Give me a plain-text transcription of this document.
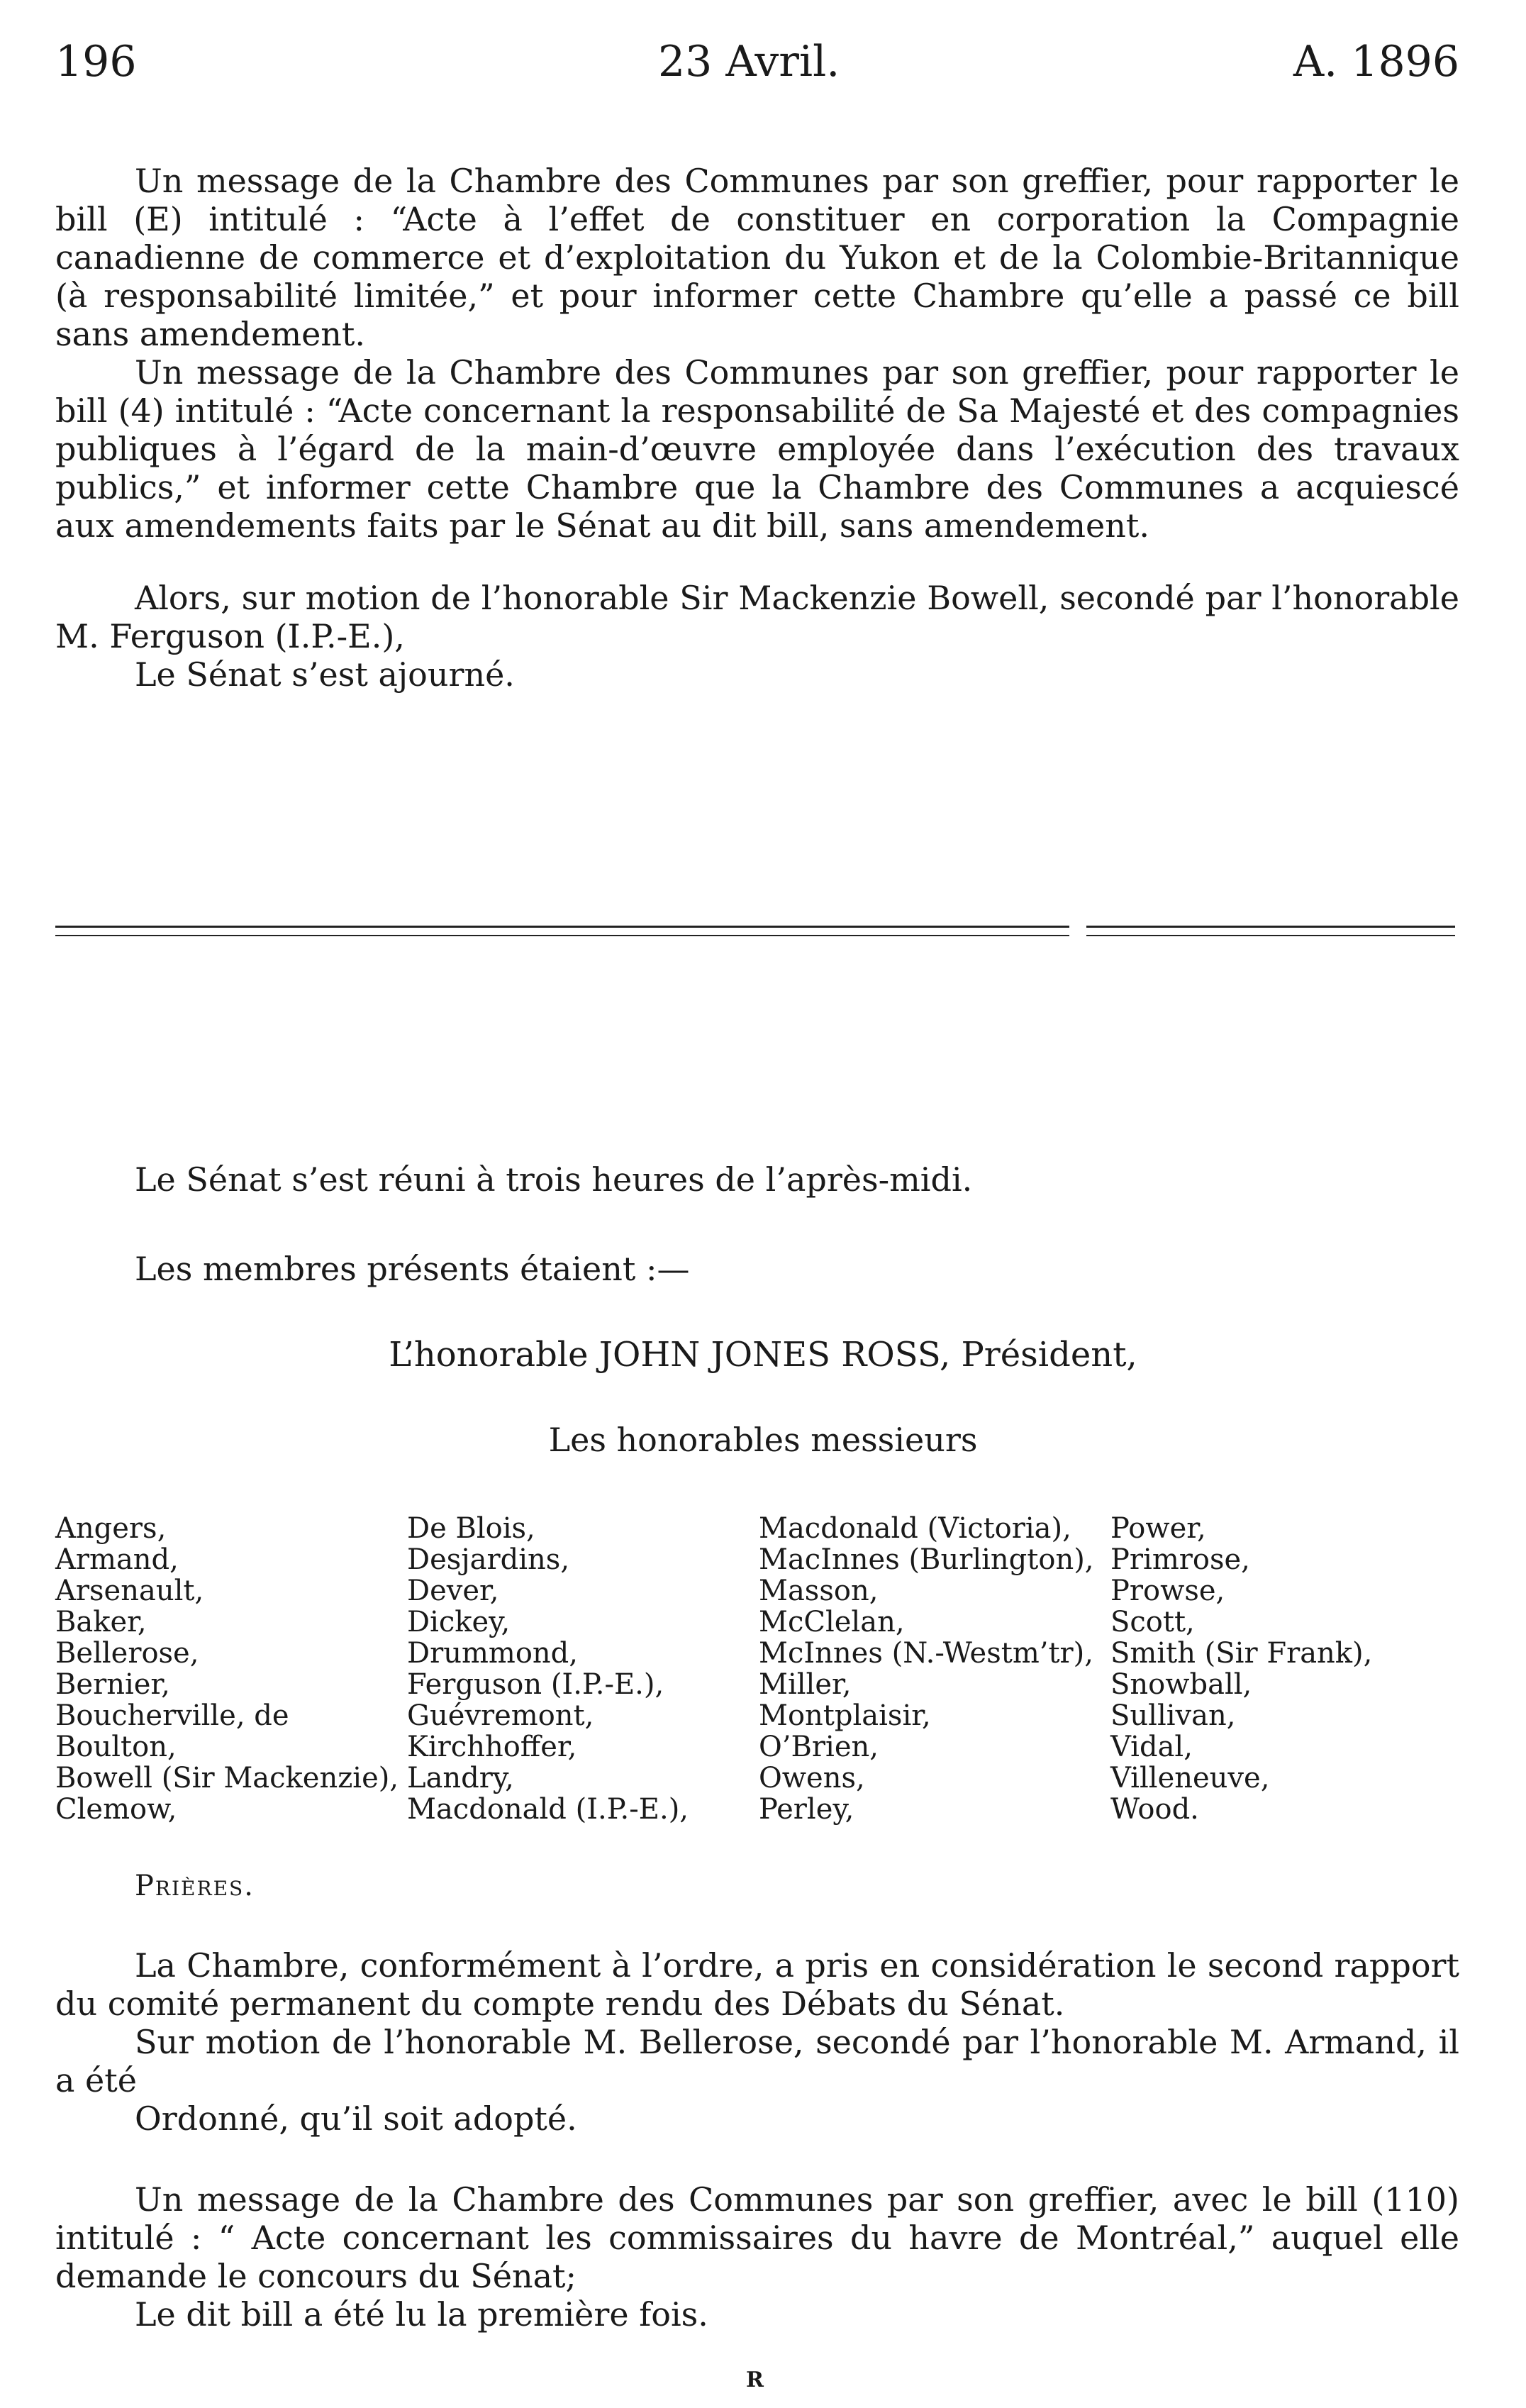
196	23 Avril.	A. 1896
Un message de la Chambre des Communes par son greffier, pour rapporter le bill (E) intitulé : “Acte à l’effet de constituer en corporation la Compagnie canadienne de commerce et d’exploitation du Yukon et de la Colombie-Britannique (à responsabilité limitée,” et pour informer cette Chambre qu’elle a passé ce bill sans amendement.
Un message de la Chambre des Communes par son greffier, pour rapporter le bill (4) intitulé : “Acte concernant la responsabilité de Sa Majesté et des compagnies publiques à l’égard de la main-d’œuvre employée dans l’exécution des travaux publics,” et informer cette Chambre que la Chambre des Communes a acquiescé aux amendements faits par le Sénat au dit bill, sans amendement.
Alors, sur motion de l’honorable Sir Mackenzie Bowell, secondé par l’honorable M. Ferguson (I.P.-E.),
Le Sénat s’est ajourné.
Le Sénat s’est réuni à trois heures de l’après-midi.
Les membres présents étaient :—
L’honorable JOHN JONES ROSS, Président,
Les honorables messieurs
Angers,
Armand,
Arsenault,
Baker,
Bellerose,
Bernier,
Boucherville, de
Boulton,
Bowell (Sir Mackenzie),
Clemow,
De Blois,
Desjardins,
Dever,
Dickey,
Drummond,
Ferguson (I.P.-E.),
Guévremont,
Kirchhoffer,
Landry,
Macdonald (I.P.-E.),
Macdonald (Victoria),
MacInnes (Burlington),
Masson,
McClelan,
McInnes (N.-Westm’tr),
Miller,
Montplaisir,
O’Brien,
Owens,
Perley,
Power,
Primrose,
Prowse,
Scott,
Smith (Sir Frank),
Snowball,
Sullivan,
Vidal,
Villeneuve,
Wood.
Prières.
La Chambre, conformément à l’ordre, a pris en considération le second rapport du comité permanent du compte rendu des Débats du Sénat.
Sur motion de l’honorable M. Bellerose, secondé par l’honorable M. Armand, il a été
Ordonné, qu’il soit adopté.
Un message de la Chambre des Communes par son greffier, avec le bill (110) intitulé : “ Acte concernant les commissaires du havre de Montréal,” auquel elle demande le concours du Sénat;
Le dit bill a été lu la première fois.
R
